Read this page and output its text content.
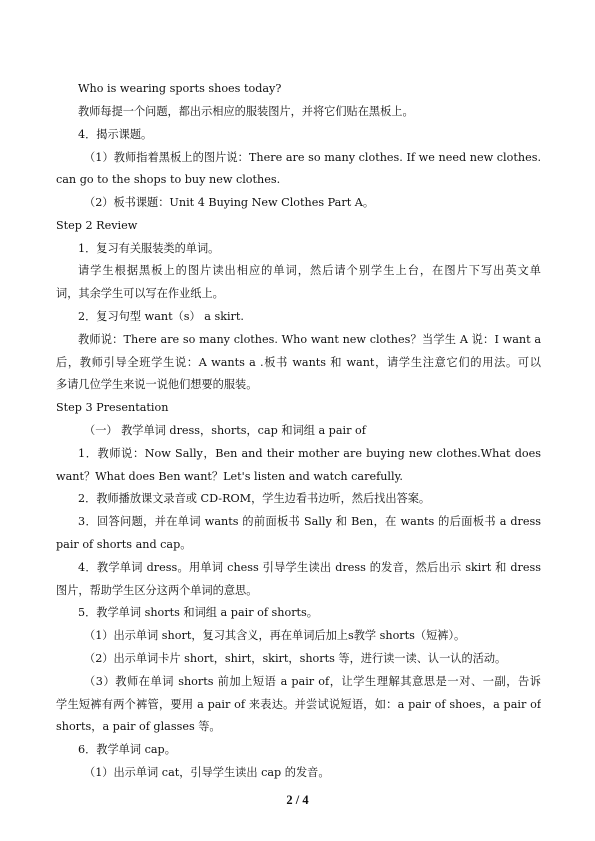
Who is wearing sports shoes today?
教师每提一个问题，都出示相应的服装图片，并将它们贴在黑板上。
4．揭示课题。
（1）教师指着黑板上的图片说：There are so many clothes. If we need new clothes.
can go to the shops to buy new clothes.
（2）板书课题：Unit 4 Buying New Clothes Part A。
Step 2 Review
1．复习有关服装类的单词。
请学生根据黑板上的图片读出相应的单词，然后请个别学生上台，在图片下写出英文单
词，其余学生可以写在作业纸上。
2．复习句型 want（s） a skirt.
教师说：There are so many clothes. Who want new clothes？当学生 A 说：I want a
后，教师引导全班学生说：A wants a .板书 wants 和 want，请学生注意它们的用法。可以
多请几位学生来说一说他们想要的服装。
Step 3 Presentation
（一） 教学单词 dress，shorts，cap 和词组 a pair of
1．教师说：Now Sally，Ben and their mother are buying new clothes.What does
want？What does Ben want？Let's listen and watch carefully.
2．教师播放课文录音或 CD-ROM，学生边看书边听，然后找出答案。
3．回答问题，并在单词 wants 的前面板书 Sally 和 Ben，在 wants 的后面板书 a dress
pair of shorts and cap。
4．教学单词 dress。用单词 chess 引导学生读出 dress 的发音，然后出示 skirt 和 dress
图片，帮助学生区分这两个单词的意思。
5．教学单词 shorts 和词组 a pair of shorts。
（1）出示单词 short，复习其含义，再在单词后加上s教学 shorts（短裤）。
（2）出示单词卡片 short，shirt，skirt，shorts 等，进行读一读、认一认的活动。
（3）教师在单词 shorts 前加上短语 a pair of，让学生理解其意思是一对、一副，告诉
学生短裤有两个裤管，要用 a pair of 来表达。并尝试说短语，如：a pair of shoes，a pair of
shorts，a pair of glasses 等。
6．教学单词 cap。
（1）出示单词 cat，引导学生读出 cap 的发音。
2 / 4
